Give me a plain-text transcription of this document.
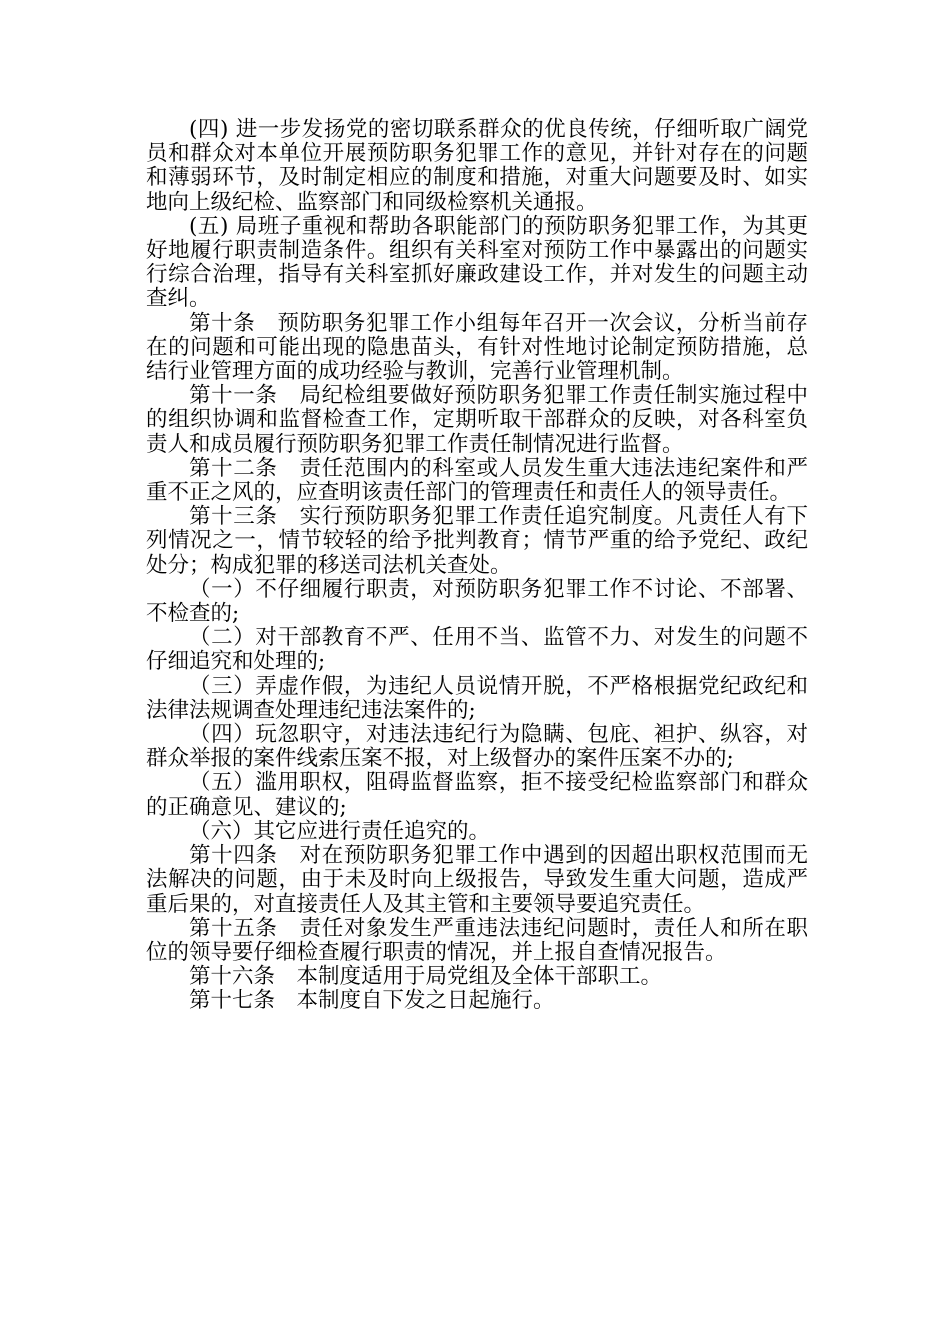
(四) 进一步发扬党的密切联系群众的优良传统，仔细听取广阔党员和群众对本单位开展预防职务犯罪工作的意见，并针对存在的问题和薄弱环节，及时制定相应的制度和措施，对重大问题要及时、如实地向上级纪检、监察部门和同级检察机关通报。

(五) 局班子重视和帮助各职能部门的预防职务犯罪工作，为其更好地履行职责制造条件。组织有关科室对预防工作中暴露出的问题实行综合治理，指导有关科室抓好廉政建设工作，并对发生的问题主动查纠。

第十条　预防职务犯罪工作小组每年召开一次会议，分析当前存在的问题和可能出现的隐患苗头，有针对性地讨论制定预防措施，总结行业管理方面的成功经验与教训，完善行业管理机制。

第十一条　局纪检组要做好预防职务犯罪工作责任制实施过程中的组织协调和监督检查工作，定期听取干部群众的反映，对各科室负责人和成员履行预防职务犯罪工作责任制情况进行监督。

第十二条　责任范围内的科室或人员发生重大违法违纪案件和严重不正之风的，应查明该责任部门的管理责任和责任人的领导责任。

第十三条　实行预防职务犯罪工作责任追究制度。凡责任人有下列情况之一，情节较轻的给予批判教育；情节严重的给予党纪、政纪处分；构成犯罪的移送司法机关查处。

（一）不仔细履行职责，对预防职务犯罪工作不讨论、不部署、不检查的;

（二）对干部教育不严、任用不当、监管不力、对发生的问题不仔细追究和处理的;

（三）弄虚作假，为违纪人员说情开脱，不严格根据党纪政纪和法律法规调查处理违纪违法案件的;

（四）玩忽职守，对违法违纪行为隐瞒、包庇、袒护、纵容，对群众举报的案件线索压案不报，对上级督办的案件压案不办的;

（五）滥用职权，阻碍监督监察，拒不接受纪检监察部门和群众的正确意见、建议的;

（六）其它应进行责任追究的。

第十四条　对在预防职务犯罪工作中遇到的因超出职权范围而无法解决的问题，由于未及时向上级报告，导致发生重大问题，造成严重后果的，对直接责任人及其主管和主要领导要追究责任。

第十五条　责任对象发生严重违法违纪问题时，责任人和所在职位的领导要仔细检查履行职责的情况，并上报自查情况报告。

第十六条　本制度适用于局党组及全体干部职工。

第十七条　本制度自下发之日起施行。
